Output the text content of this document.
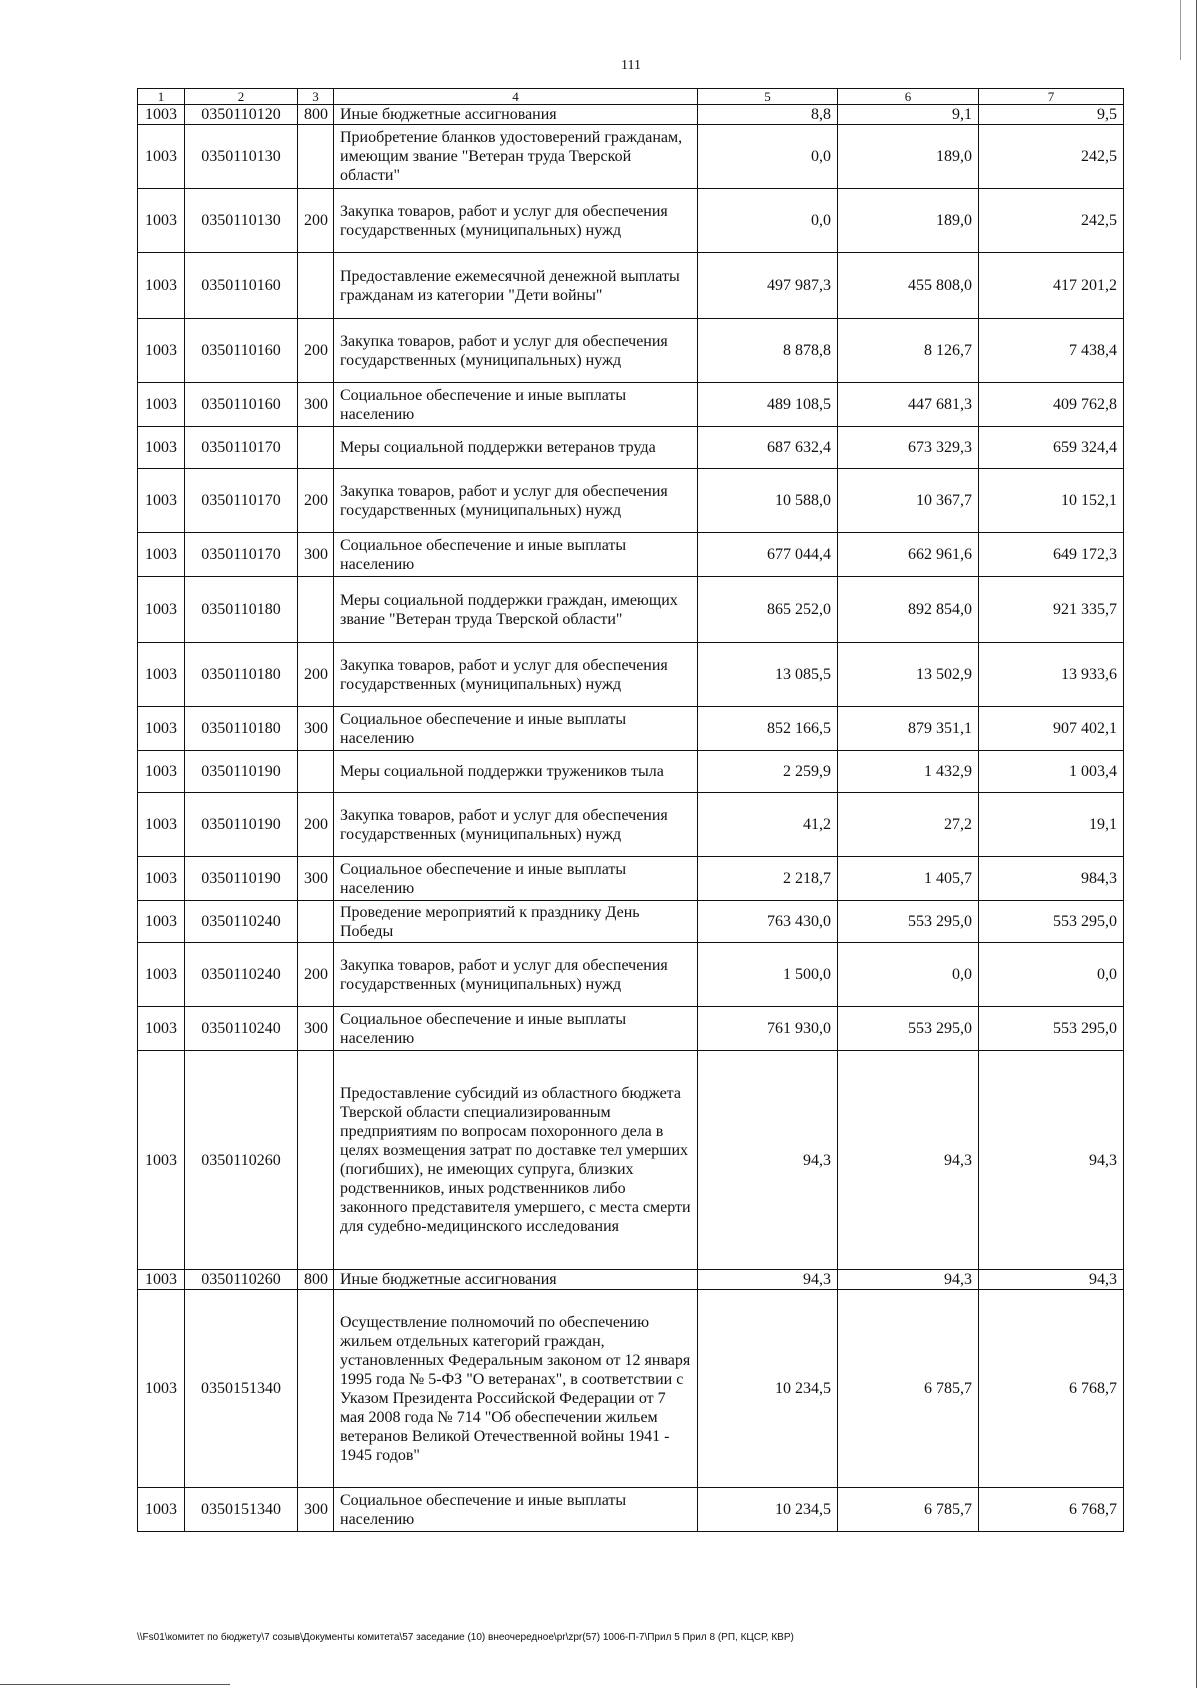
111
1	2	3	4	5	6	7
1003	0350110120	800	Иные бюджетные ассигнования	8,8	9,1	9,5
1003	0350110130		Приобретение бланков удостоверений гражданам, имеющим звание "Ветеран труда Тверской области"	0,0	189,0	242,5
1003	0350110130	200	Закупка товаров, работ и услуг для обеспечения государственных (муниципальных) нужд	0,0	189,0	242,5
1003	0350110160		Предоставление ежемесячной денежной выплаты гражданам из категории "Дети войны"	497 987,3	455 808,0	417 201,2
1003	0350110160	200	Закупка товаров, работ и услуг для обеспечения государственных (муниципальных) нужд	8 878,8	8 126,7	7 438,4
1003	0350110160	300	Социальное обеспечение и иные выплаты населению	489 108,5	447 681,3	409 762,8
1003	0350110170		Меры социальной поддержки ветеранов труда	687 632,4	673 329,3	659 324,4
1003	0350110170	200	Закупка товаров, работ и услуг для обеспечения государственных (муниципальных) нужд	10 588,0	10 367,7	10 152,1
1003	0350110170	300	Социальное обеспечение и иные выплаты населению	677 044,4	662 961,6	649 172,3
1003	0350110180		Меры социальной поддержки граждан, имеющих звание "Ветеран труда Тверской области"	865 252,0	892 854,0	921 335,7
1003	0350110180	200	Закупка товаров, работ и услуг для обеспечения государственных (муниципальных) нужд	13 085,5	13 502,9	13 933,6
1003	0350110180	300	Социальное обеспечение и иные выплаты населению	852 166,5	879 351,1	907 402,1
1003	0350110190		Меры социальной поддержки тружеников тыла	2 259,9	1 432,9	1 003,4
1003	0350110190	200	Закупка товаров, работ и услуг для обеспечения государственных (муниципальных) нужд	41,2	27,2	19,1
1003	0350110190	300	Социальное обеспечение и иные выплаты населению	2 218,7	1 405,7	984,3
1003	0350110240		Проведение мероприятий к празднику День Победы	763 430,0	553 295,0	553 295,0
1003	0350110240	200	Закупка товаров, работ и услуг для обеспечения государственных (муниципальных) нужд	1 500,0	0,0	0,0
1003	0350110240	300	Социальное обеспечение и иные выплаты населению	761 930,0	553 295,0	553 295,0
1003	0350110260		Предоставление субсидий из областного бюджета Тверской области специализированным предприятиям по вопросам похоронного дела в целях возмещения затрат по доставке тел умерших (погибших), не имеющих супруга, близких родственников, иных родственников либо законного представителя умершего, с места смерти для судебно-медицинского исследования	94,3	94,3	94,3
1003	0350110260	800	Иные бюджетные ассигнования	94,3	94,3	94,3
1003	0350151340		Осуществление полномочий по обеспечению жильем отдельных категорий граждан, установленных Федеральным законом от 12 января 1995 года № 5-ФЗ "О ветеранах", в соответствии с Указом Президента Российской Федерации от 7 мая 2008 года № 714 "Об обеспечении жильем ветеранов Великой Отечественной войны 1941 - 1945 годов"	10 234,5	6 785,7	6 768,7
1003	0350151340	300	Социальное обеспечение и иные выплаты населению	10 234,5	6 785,7	6 768,7
\\Fs01\комитет по бюджету\7 созыв\Документы комитета\57 заседание (10) внеочередное\pr\zpr(57) 1006-П-7\Прил 5 Прил 8 (РП, КЦСР, КВР)
